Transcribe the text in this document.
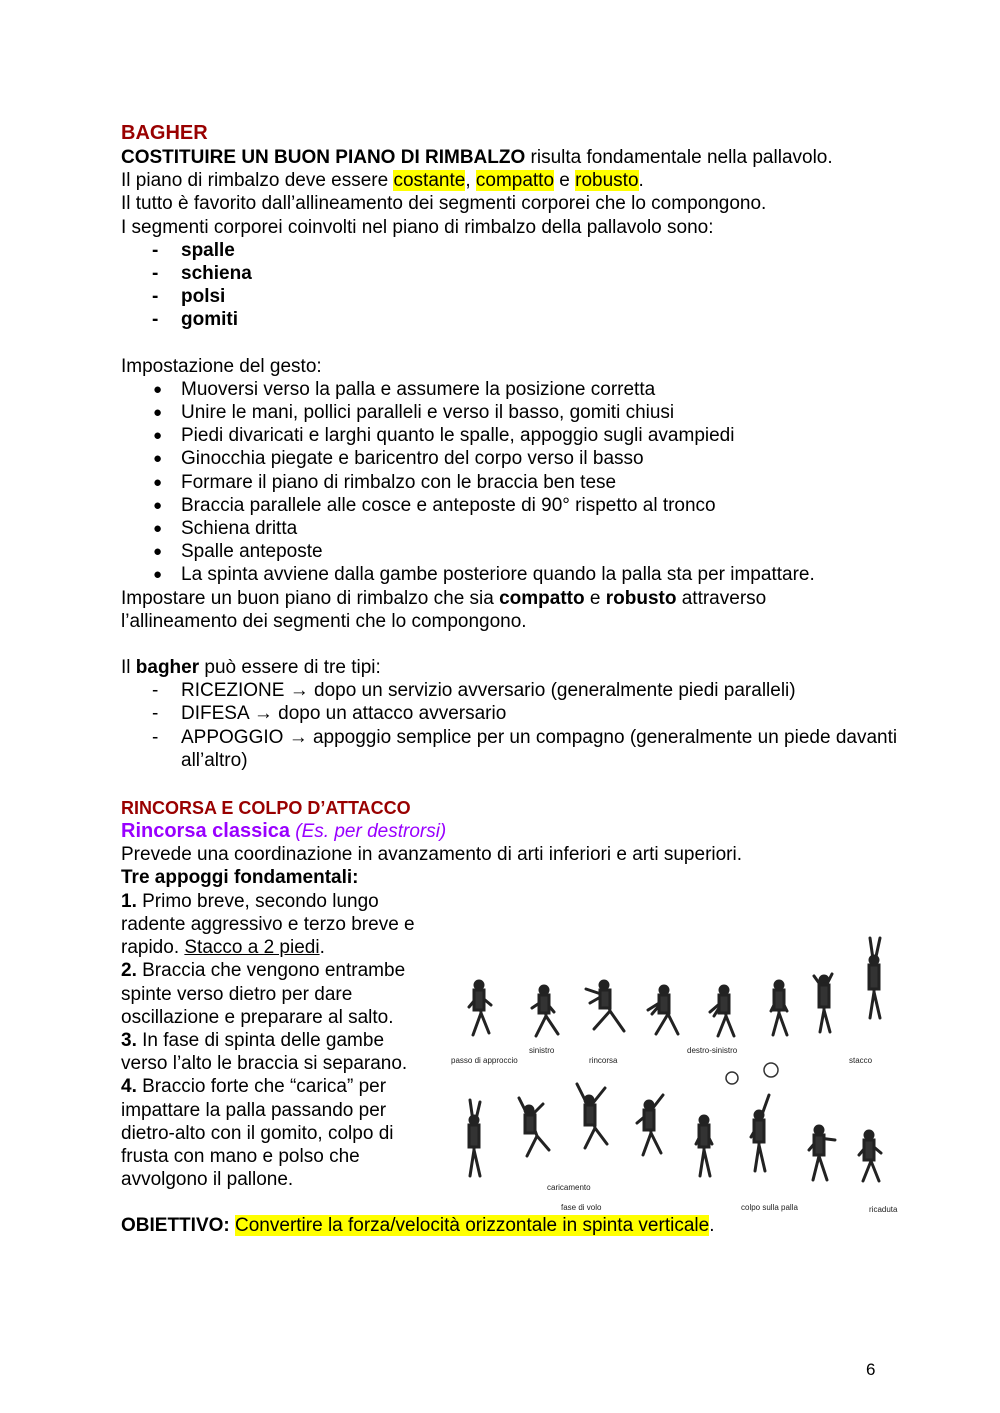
BAGHER
COSTITUIRE UN BUON PIANO DI RIMBALZO risulta fondamentale nella pallavolo.
Il piano di rimbalzo deve essere costante, compatto e robusto.
Il tutto è favorito dall’allineamento dei segmenti corporei che lo compongono.
I segmenti corporei coinvolti nel piano di rimbalzo della pallavolo sono:
- spalle
- schiena
- polsi
- gomiti
Impostazione del gesto:
● Muoversi verso la palla e assumere la posizione corretta
● Unire le mani, pollici paralleli e verso il basso, gomiti chiusi
● Piedi divaricati e larghi quanto le spalle, appoggio sugli avampiedi
● Ginocchia piegate e baricentro del corpo verso il basso
● Formare il piano di rimbalzo con le braccia ben tese
● Braccia parallele alle cosce e anteposte di 90° rispetto al tronco
● Schiena dritta
● Spalle anteposte
● La spinta avviene dalla gambe posteriore quando la palla sta per impattare.
Impostare un buon piano di rimbalzo che sia compatto e robusto attraverso
l’allineamento dei segmenti che lo compongono.
Il bagher può essere di tre tipi:
- RICEZIONE → dopo un servizio avversario (generalmente piedi paralleli)
- DIFESA → dopo un attacco avversario
- APPOGGIO → appoggio semplice per un compagno (generalmente un piede davanti all’altro)
RINCORSA E COLPO D’ATTACCO
Rincorsa classica (Es. per destrorsi)
Prevede una coordinazione in avanzamento di arti inferiori e arti superiori.
Tre appoggi fondamentali:
1. Primo breve, secondo lungo radente aggressivo e terzo breve e rapido. Stacco a 2 piedi.
2. Braccia che vengono entrambe spinte verso dietro per dare oscillazione e preparare al salto.
3. In fase di spinta delle gambe verso l’alto le braccia si separano.
4. Braccio forte che “carica” per impattare la palla passando per dietro-alto con il gomito, colpo di frusta con mano e polso che avvolgono il pallone.
OBIETTIVO: Convertire la forza/velocità orizzontale in spinta verticale.
passo di approccio
sinistro
rincorsa
destro-sinistro
stacco
caricamento
fase di volo	colpo sulla palla	ricaduta
6
